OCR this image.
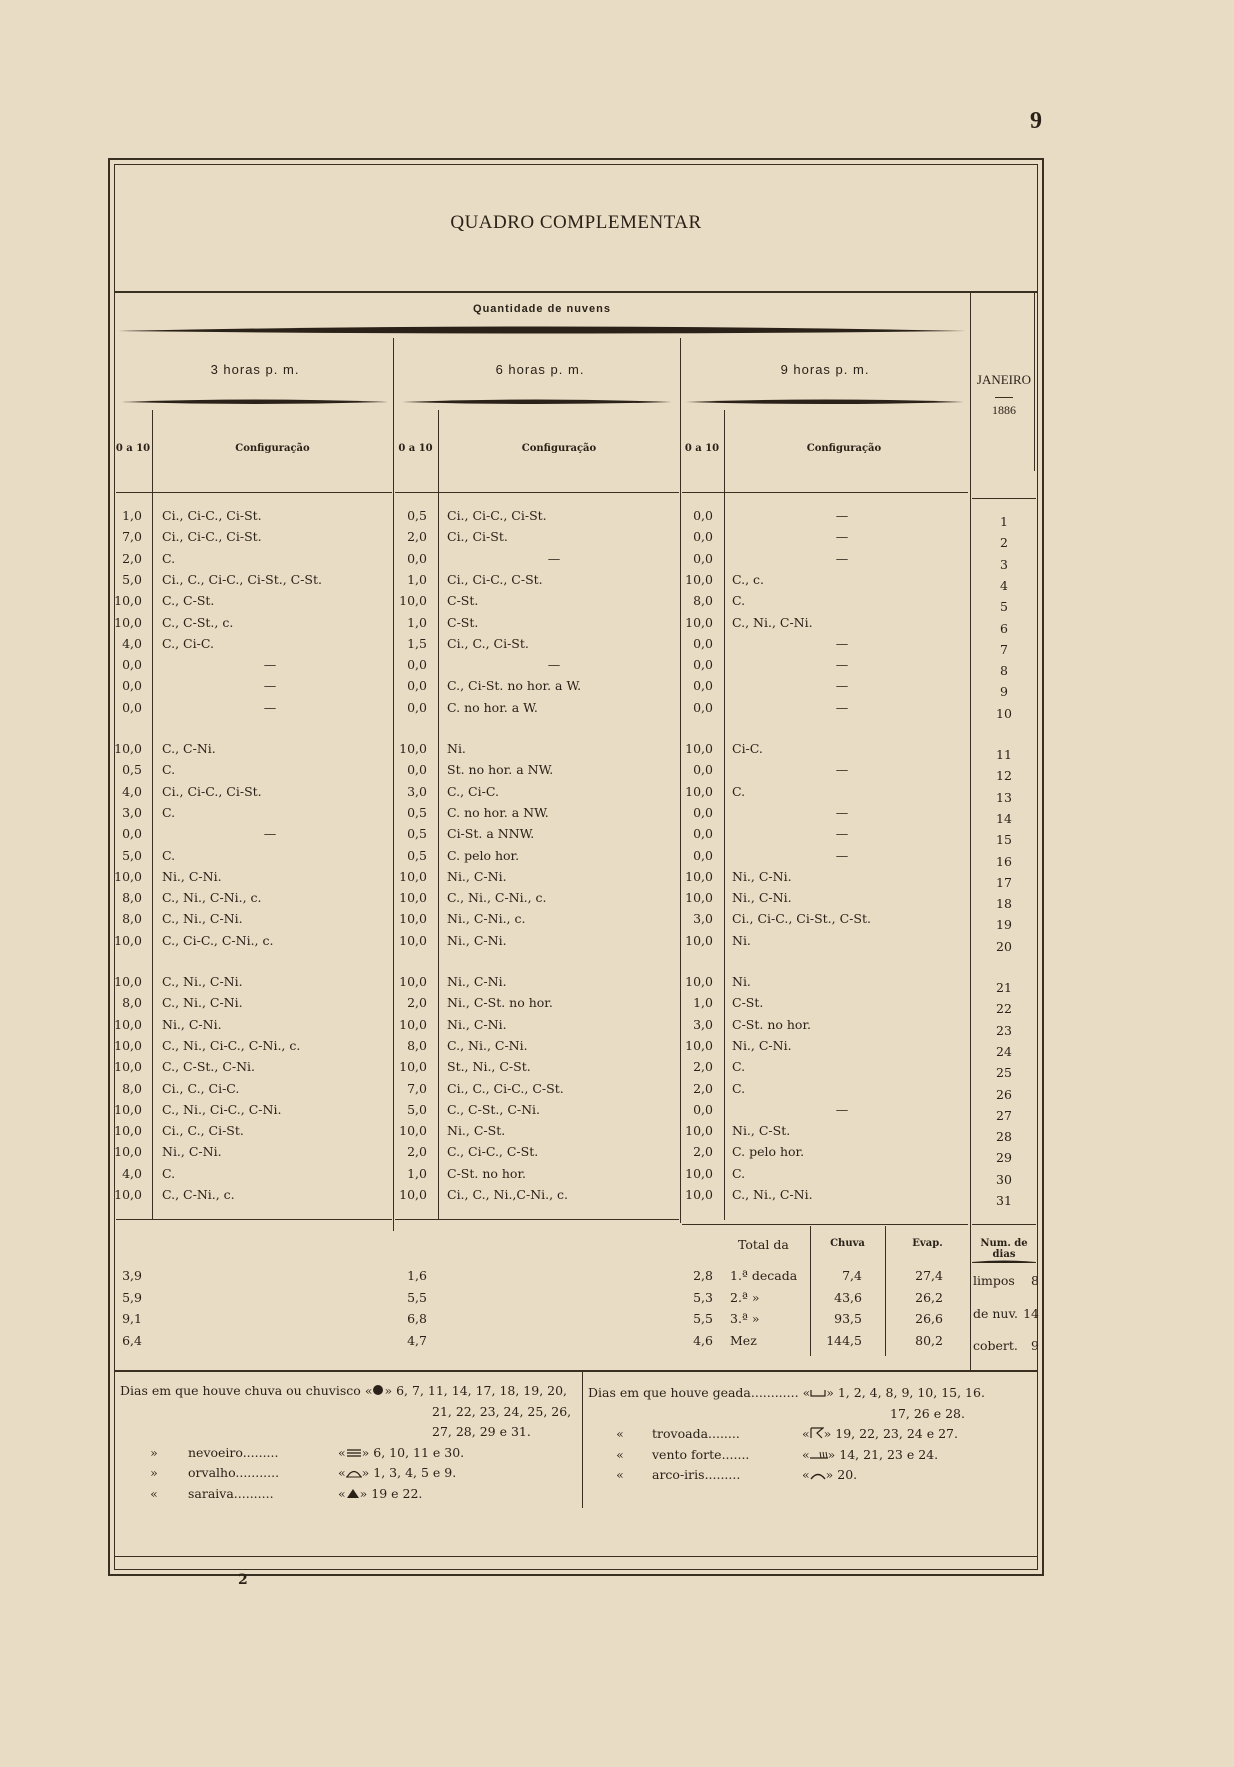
9
QUADRO COMPLEMENTAR
Quantidade de nuvens
3 horas p. m.	6 horas p. m.	9 horas p. m.
JANEIRO
1886
0 a 10	Configuração	0 a 10	Configuração	0 a 10	Configuração
1,0 Ci., Ci-C., Ci-St.	0,5 Ci., Ci-C., Ci-St.	0,0	—	1
7,0 Ci., Ci-C., Ci-St.	2,0 Ci., Ci-St.	0,0	—	2
2,0 C.	0,0	—	0,0	—	3
5,0 Ci., C., Ci-C., Ci-St., C-St.	1,0 Ci., Ci-C., C-St.	10,0 C., c.	4
10,0 C., C-St.	10,0 C-St.	8,0 C.	5
10,0 C., C-St., c.	1,0 C-St.	10,0 C., Ni., C-Ni.	6
4,0 C., Ci-C.	1,5 Ci., C., Ci-St.	0,0	—	7
0,0	—	0,0	—	0,0	—	8
0,0	—	0,0 C., Ci-St. no hor. a W.	0,0	—	9
0,0	—	0,0 C. no hor. a W.	0,0	—	10
10,0 C., C-Ni.	10,0 Ni.	10,0 Ci-C.	11
0,5 C.	0,0 St. no hor. a NW.	0,0	—	12
4,0 Ci., Ci-C., Ci-St.	3,0 C., Ci-C.	10,0 C.	13
3,0 C.	0,5 C. no hor. a NW.	0,0	—	14
0,0	—	0,5 Ci-St. a NNW.	0,0	—	15
5,0 C.	0,5 C. pelo hor.	0,0	—	16
10,0 Ni., C-Ni.	10,0 Ni., C-Ni.	10,0 Ni., C-Ni.	17
8,0 C., Ni., C-Ni., c.	10,0 C., Ni., C-Ni., c.	10,0 Ni., C-Ni.	18
8,0 C., Ni., C-Ni.	10,0 Ni., C-Ni., c.	3,0 Ci., Ci-C., Ci-St., C-St.	19
10,0 C., Ci-C., C-Ni., c.	10,0 Ni., C-Ni.	10,0 Ni.	20
10,0 C., Ni., C-Ni.	10,0 Ni., C-Ni.	10,0 Ni.	21
8,0 C., Ni., C-Ni.	2,0 Ni., C-St. no hor.	1,0 C-St.	22
10,0 Ni., C-Ni.	10,0 Ni., C-Ni.	3,0 C-St. no hor.	23
10,0 C., Ni., Ci-C., C-Ni., c.	8,0 C., Ni., C-Ni.	10,0 Ni., C-Ni.	24
10,0 C., C-St., C-Ni.	10,0 St., Ni., C-St.	2,0 C.	25
8,0 Ci., C., Ci-C.	7,0 Ci., C., Ci-C., C-St.	2,0 C.	26
10,0 C., Ni., Ci-C., C-Ni.	5,0 C., C-St., C-Ni.	0,0	—	27
10,0 Ci., C., Ci-St.	10,0 Ni., C-St.	10,0 Ni., C-St.	28
10,0 Ni., C-Ni.	2,0 C., Ci-C., C-St.	2,0 C. pelo hor.	29
4,0 C.	1,0 C-St. no hor.	10,0 C.	30
10,0 C., C-Ni., c.	10,0 Ci., C., Ni.,C-Ni., c.	10,0 C., Ni., C-Ni.	31
Total da	Chuva	Evap.	Num. de dias
3,9	1,6	2,8 1.ª decada	7,4	27,4
5,9	5,5	5,3 2.ª »	43,6	26,2
9,1	6,8	5,5 3.ª »	93,5	26,6
6,4	4,7	4,6 Mez	144,5	80,2
limpos	8
de nuv. 14
cobert.	9
Dias em que houve chuva ou chuvisco « » 6, 7, 11, 14, 17, 18, 19, 20,
21, 22, 23, 24, 25, 26,
27, 28, 29 e 31.
» nevoeiro.........	« » 6, 10, 11 e 30.
» orvalho...........	« » 1, 3, 4, 5 e 9.
« saraiva..........	« » 19 e 22.
Dias em que houve geada............ « » 1, 2, 4, 8, 9, 10, 15, 16.
17, 26 e 28.
« trovoada........	« » 19, 22, 23, 24 e 27.
« vento forte.......	« » 14, 21, 23 e 24.
« arco-iris.........	« » 20.
2
